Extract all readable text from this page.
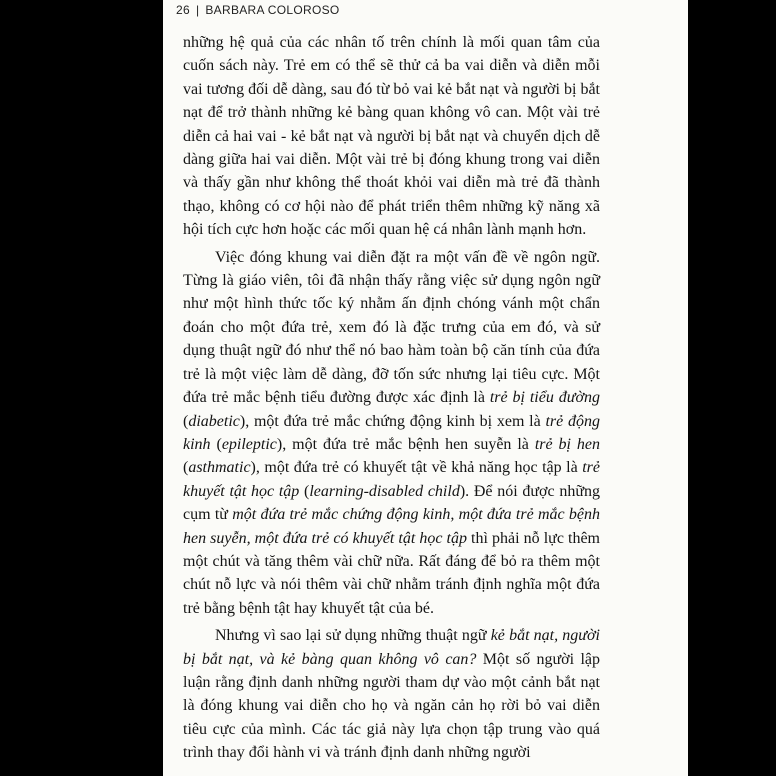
26 | BARBARA COLOROSO

những hệ quả của các nhân tố trên chính là mối quan tâm của cuốn sách này. Trẻ em có thể sẽ thử cả ba vai diễn và diễn mỗi vai tương đối dễ dàng, sau đó từ bỏ vai kẻ bắt nạt và người bị bắt nạt để trở thành những kẻ bàng quan không vô can. Một vài trẻ diễn cả hai vai - kẻ bắt nạt và người bị bắt nạt và chuyển dịch dễ dàng giữa hai vai diễn. Một vài trẻ bị đóng khung trong vai diễn và thấy gần như không thể thoát khỏi vai diễn mà trẻ đã thành thạo, không có cơ hội nào để phát triển thêm những kỹ năng xã hội tích cực hơn hoặc các mối quan hệ cá nhân lành mạnh hơn.

Việc đóng khung vai diễn đặt ra một vấn đề về ngôn ngữ. Từng là giáo viên, tôi đã nhận thấy rằng việc sử dụng ngôn ngữ như một hình thức tốc ký nhằm ấn định chóng vánh một chẩn đoán cho một đứa trẻ, xem đó là đặc trưng của em đó, và sử dụng thuật ngữ đó như thể nó bao hàm toàn bộ căn tính của đứa trẻ là một việc làm dễ dàng, đỡ tốn sức nhưng lại tiêu cực. Một đứa trẻ mắc bệnh tiểu đường được xác định là trẻ bị tiểu đường (diabetic), một đứa trẻ mắc chứng động kinh bị xem là trẻ động kinh (epileptic), một đứa trẻ mắc bệnh hen suyễn là trẻ bị hen (asthmatic), một đứa trẻ có khuyết tật về khả năng học tập là trẻ khuyết tật học tập (learning-disabled child). Để nói được những cụm từ một đứa trẻ mắc chứng động kinh, một đứa trẻ mắc bệnh hen suyễn, một đứa trẻ có khuyết tật học tập thì phải nỗ lực thêm một chút và tăng thêm vài chữ nữa. Rất đáng để bỏ ra thêm một chút nỗ lực và nói thêm vài chữ nhằm tránh định nghĩa một đứa trẻ bằng bệnh tật hay khuyết tật của bé.

Nhưng vì sao lại sử dụng những thuật ngữ kẻ bắt nạt, người bị bắt nạt, và kẻ bàng quan không vô can? Một số người lập luận rằng định danh những người tham dự vào một cảnh bắt nạt là đóng khung vai diễn cho họ và ngăn cản họ rời bỏ vai diễn tiêu cực của mình. Các tác giả này lựa chọn tập trung vào quá trình thay đổi hành vi và tránh định danh những người
